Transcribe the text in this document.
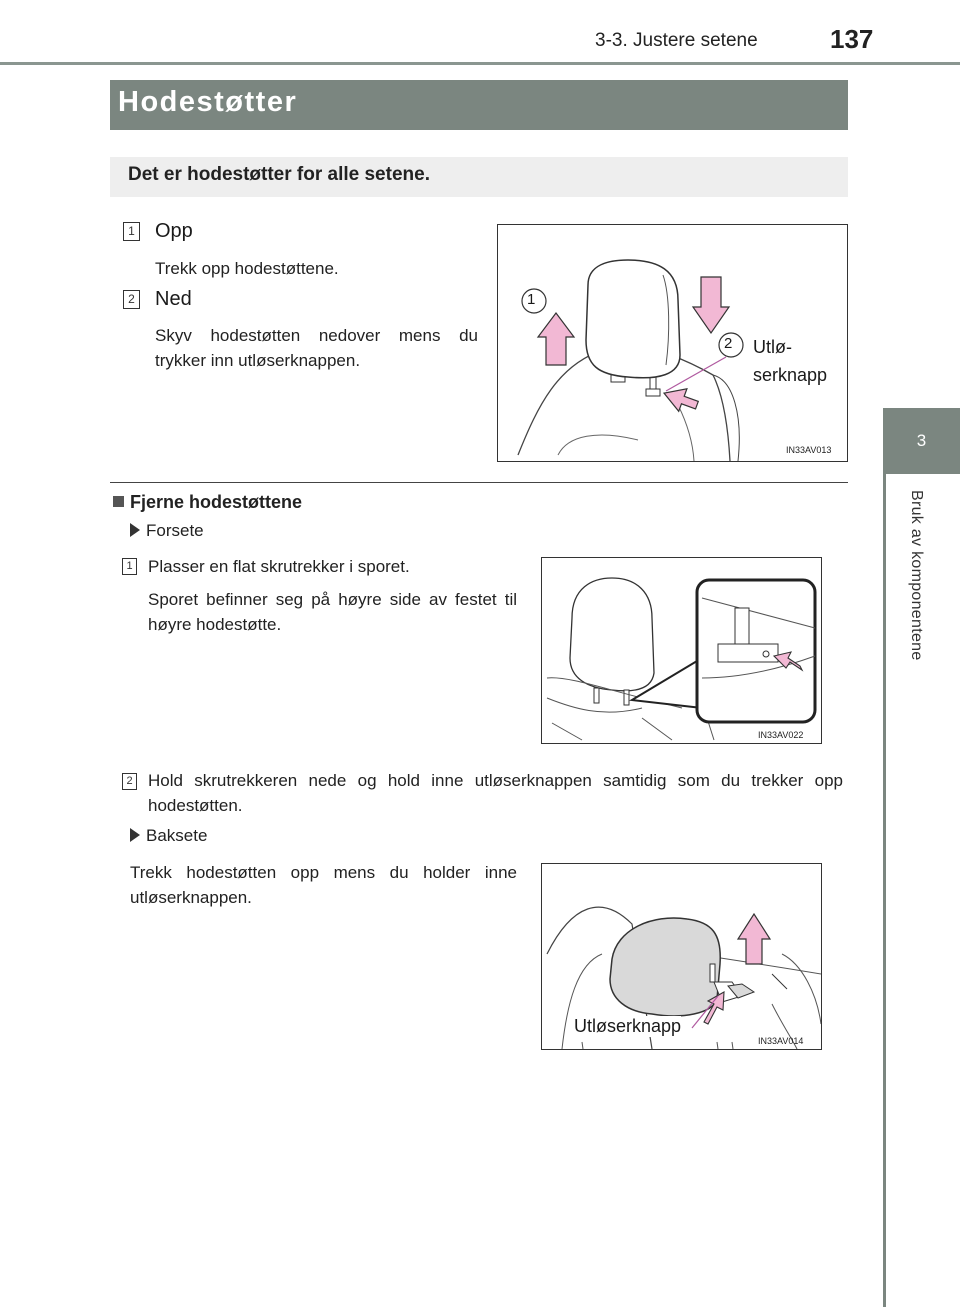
3-3. Justere setene	137
3
Bruk av komponentene
Hodestøtter
Det er hodestøtter for alle setene.
1 Opp
Trekk opp hodestøttene.
2 Ned
Skyv hodestøtten nedover mens du trykker inn utløserknappen.
1
2 Utlø-
serknapp
IN33AV013
Fjerne hodestøttene
Forsete
1 Plasser en flat skrutrekker i sporet.
Sporet befinner seg på høyre side av festet til høyre hodestøtte.
IN33AV022
2 Hold skrutrekkeren nede og hold inne utløserknappen samtidig som du trekker opp hodestøtten.
Baksete
Trekk hodestøtten opp mens du holder inne utløserknappen.
Utløserknapp
IN33AV014
